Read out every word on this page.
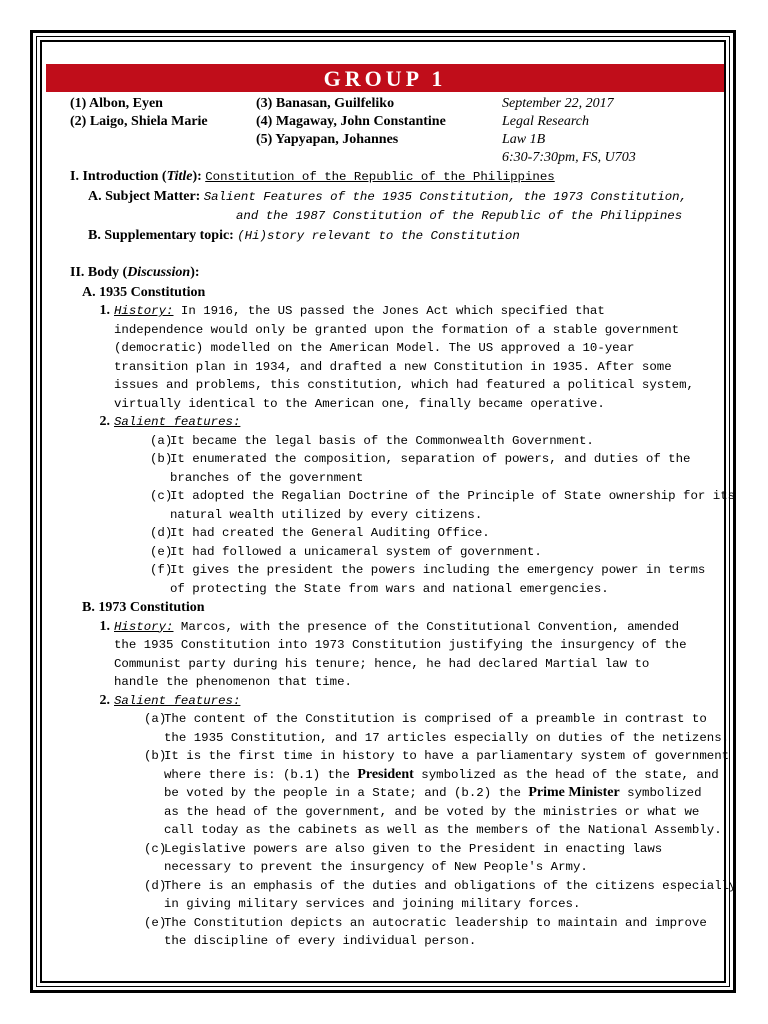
GROUP 1
(1) Albon, Eyen
(2) Laigo, Shiela Marie
(3) Banasan, Guilfeliko
(4) Magaway, John Constantine
(5) Yapyapan, Johannes
September 22, 2017
Legal Research
Law 1B
6:30-7:30pm, FS, U703
I. Introduction (Title): Constitution of the Republic of the Philippines
A. Subject Matter: Salient Features of the 1935 Constitution, the 1973 Constitution,
and the 1987 Constitution of the Republic of the Philippines
B. Supplementary topic: (Hi)story relevant to the Constitution
II. Body (Discussion):
A. 1935 Constitution
1. History: In 1916, the US passed the Jones Act which specified that
independence would only be granted upon the formation of a stable government
(democratic) modelled on the American Model. The US approved a 10-year
transition plan in 1934, and drafted a new Constitution in 1935. After some
issues and problems, this constitution, which had featured a political system,
virtually identical to the American one, finally became operative.
2. Salient features:
(a)
It became the legal basis of the Commonwealth Government.
(b)
It enumerated the composition, separation of powers, and duties of the
branches of the government
(c)
It adopted the Regalian Doctrine of the Principle of State ownership for its
natural wealth utilized by every citizens.
(d)
It had created the General Auditing Office.
(e)
It had followed a unicameral system of government.
(f)
It gives the president the powers including the emergency power in terms
of protecting the State from wars and national emergencies.
B. 1973 Constitution
1. History: Marcos, with the presence of the Constitutional Convention, amended
the 1935 Constitution into 1973 Constitution justifying the insurgency of the
Communist party during his tenure; hence, he had declared Martial law to
handle the phenomenon that time.
2. Salient features:
(a)
The content of the Constitution is comprised of a preamble in contrast to
the 1935 Constitution, and 17 articles especially on duties of the netizens.
(b)
It is the first time in history to have a parliamentary system of government
where there is: (b.1) the President symbolized as the head of the state, and
be voted by the people in a State; and (b.2) the Prime Minister symbolized
as the head of the government, and be voted by the ministries or what we
call today as the cabinets as well as the members of the National Assembly.
(c)
Legislative powers are also given to the President in enacting laws
necessary to prevent the insurgency of New People's Army.
(d)
There is an emphasis of the duties and obligations of the citizens especially
in giving military services and joining military forces.
(e)
The Constitution depicts an autocratic leadership to maintain and improve
the discipline of every individual person.
